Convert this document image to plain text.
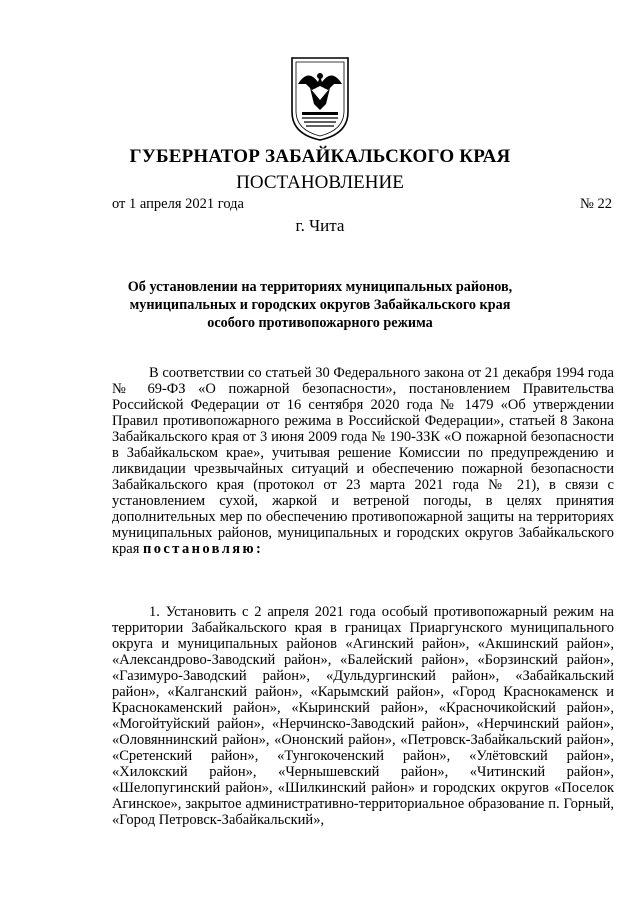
ГУБЕРНАТОР ЗАБАЙКАЛЬСКОГО КРАЯ
ПОСТАНОВЛЕНИЕ
от 1 апреля 2021 года	№ 22
г. Чита
Об установлении на территориях муниципальных районов, муниципальных и городских округов Забайкальского края особого противопожарного режима
В соответствии со статьей 30 Федерального закона от 21 декабря 1994 года № 69-ФЗ «О пожарной безопасности», постановлением Правительства Российской Федерации от 16 сентября 2020 года № 1479 «Об утверждении Правил противопожарного режима в Российской Федерации», статьей 8 Закона Забайкальского края от 3 июня 2009 года № 190-ЗЗК «О пожарной безопасности в Забайкальском крае», учитывая решение Комиссии по предупреждению и ликвидации чрезвычайных ситуаций и обеспечению пожарной безопасности Забайкальского края (протокол от 23 марта 2021 года № 21), в связи с установлением сухой, жаркой и ветреной погоды, в целях принятия дополнительных мер по обеспечению противопожарной защиты на территориях муниципальных районов, муниципальных и городских округов Забайкальского края постановляю:
1. Установить с 2 апреля 2021 года особый противопожарный режим на территории Забайкальского края в границах Приаргунского муниципального округа и муниципальных районов «Агинский район», «Акшинский район», «Александрово-Заводский район», «Балейский район», «Борзинский район», «Газимуро-Заводский район», «Дульдургинский район», «Забайкальский район», «Калганский район», «Карымский район», «Город Краснокаменск и Краснокаменский район», «Кыринский район», «Красночикойский район», «Могойтуйский район», «Нерчинско-Заводский район», «Нерчинский район», «Оловяннинский район», «Ононский район», «Петровск-Забайкальский район», «Сретенский район», «Тунгокоченский район», «Улётовский район», «Хилокский район», «Чернышевский район», «Читинский район», «Шелопугинский район», «Шилкинский район» и городских округов «Поселок Агинское», закрытое административно-территориальное образование п. Горный, «Город Петровск-Забайкальский»,
